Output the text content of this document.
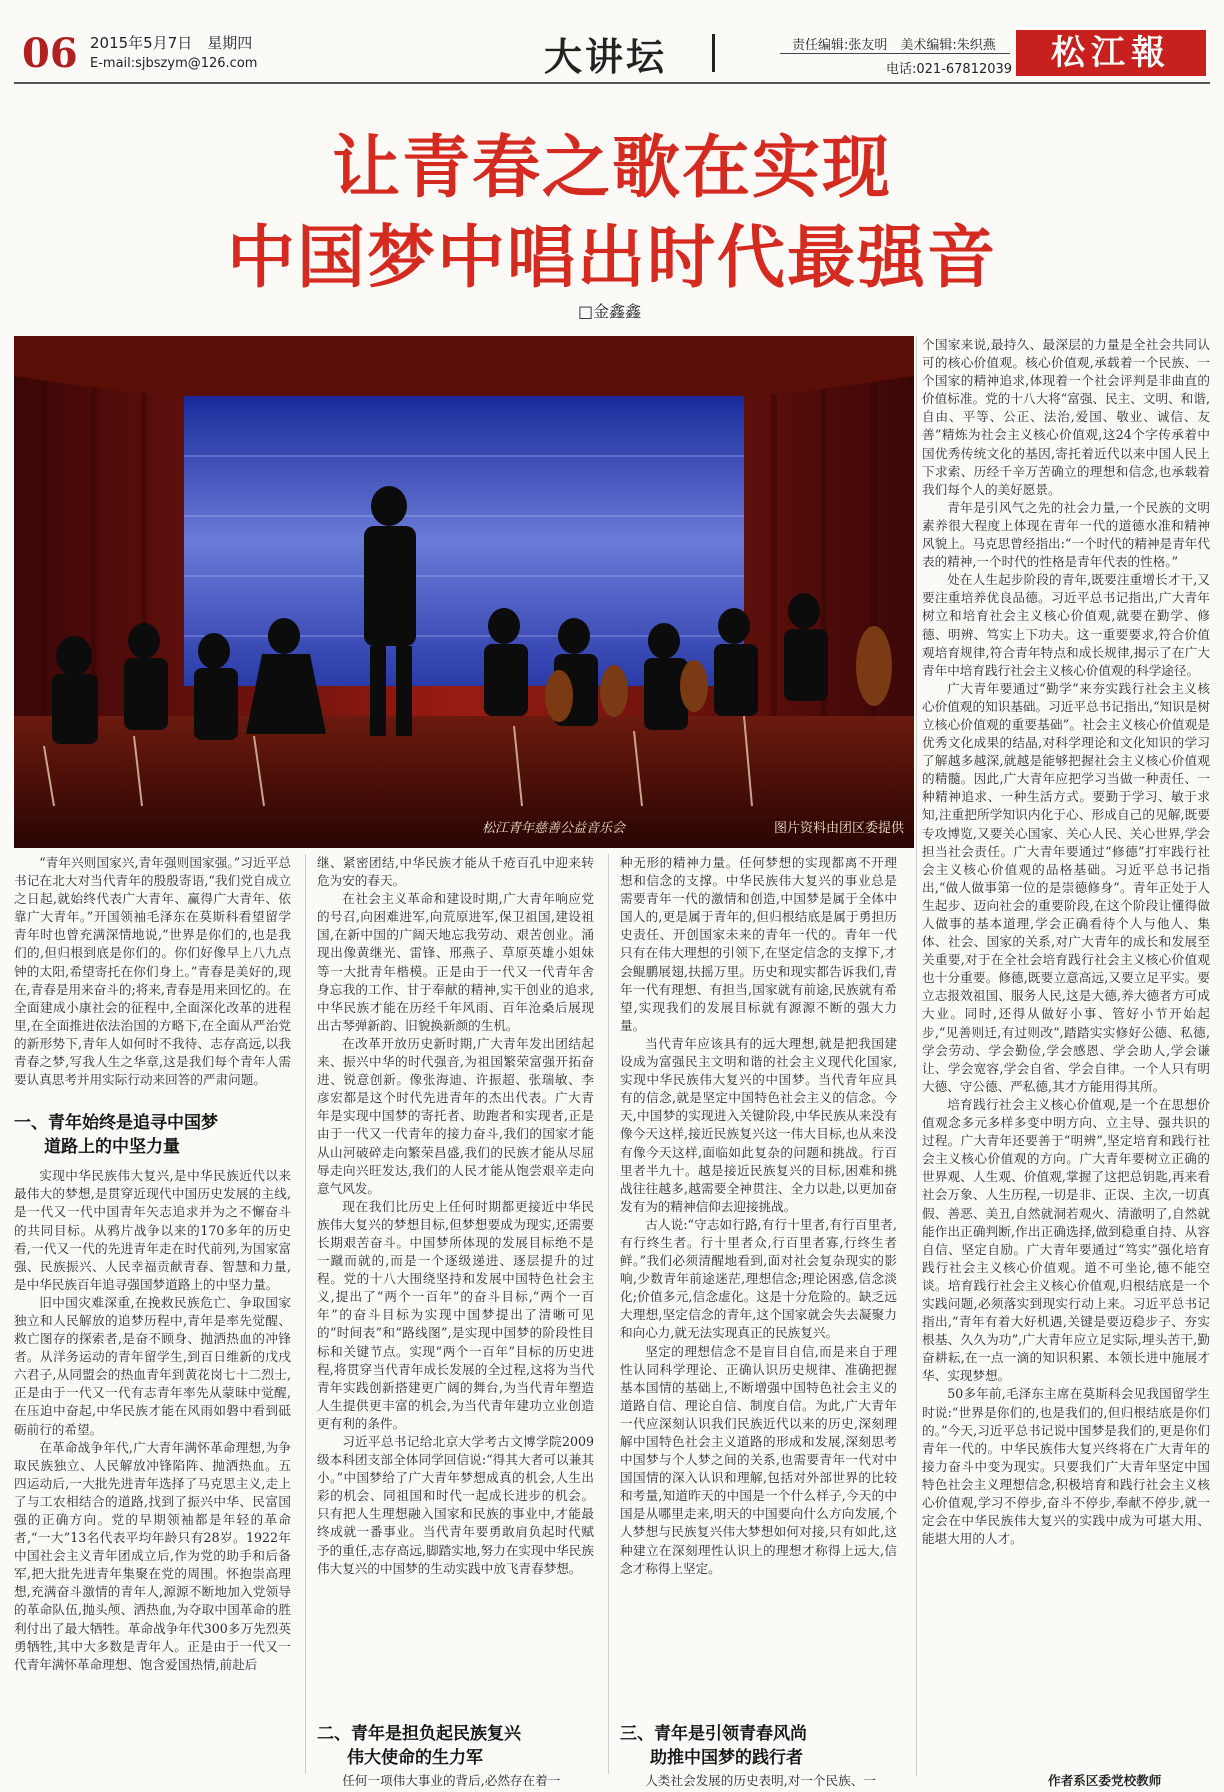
06 2015年5月7日　星期四
E-mail:sjbszym@126.com	大讲坛	责任编辑:张友明　美术编辑:朱织燕
电话:021-67812039	松江報
让青春之歌在实现
中国梦中唱出时代最强音
□金鑫鑫
松江青年慈善公益音乐会	图片资料由团区委提供

“青年兴则国家兴,青年强则国家强。”习近平总书记在北大对当代青年的殷殷寄语,“我们党自成立之日起,就始终代表广大青年、赢得广大青年、依靠广大青年。”开国领袖毛泽东在莫斯科看望留学青年时也曾充满深情地说,“世界是你们的,也是我们的,但归根到底是你们的。你们好像早上八九点钟的太阳,希望寄托在你们身上。”青春是美好的,现在,青春是用来奋斗的;将来,青春是用来回忆的。在全面建成小康社会的征程中,全面深化改革的进程里,在全面推进依法治国的方略下,在全面从严治党的新形势下,青年人如何时不我待、志存高远,以我青春之梦,写我人生之华章,这是我们每个青年人需要认真思考并用实际行动来回答的严肃问题。

一、青年始终是追寻中国梦
道路上的中坚力量

实现中华民族伟大复兴,是中华民族近代以来最伟大的梦想,是贯穿近现代中国历史发展的主线,是一代又一代中国青年矢志追求并为之不懈奋斗的共同目标。从鸦片战争以来的170多年的历史看,一代又一代的先进青年走在时代前列,为国家富强、民族振兴、人民幸福贡献青春、智慧和力量,是中华民族百年追寻强国梦道路上的中坚力量。

旧中国灾难深重,在挽救民族危亡、争取国家独立和人民解放的追梦历程中,青年是率先觉醒、救亡图存的探索者,是奋不顾身、抛洒热血的冲锋者。从洋务运动的青年留学生,到百日维新的戊戌六君子,从同盟会的热血青年到黄花岗七十二烈士,正是由于一代又一代有志青年率先从蒙昧中觉醒,在压迫中奋起,中华民族才能在风雨如磐中看到砥砺前行的希望。

在革命战争年代,广大青年满怀革命理想,为争取民族独立、人民解放冲锋陷阵、抛洒热血。五四运动后,一大批先进青年选择了马克思主义,走上了与工农相结合的道路,找到了振兴中华、民富国强的正确方向。党的早期领袖都是年轻的革命者,“一大”13名代表平均年龄只有28岁。1922年中国社会主义青年团成立后,作为党的助手和后备军,把大批先进青年集聚在党的周围。怀抱崇高理想,充满奋斗激情的青年人,源源不断地加入党领导的革命队伍,抛头颅、洒热血,为夺取中国革命的胜利付出了最大牺牲。革命战争年代300多万先烈英勇牺牲,其中大多数是青年人。正是由于一代又一代青年满怀革命理想、饱含爱国热情,前赴后

继、紧密团结,中华民族才能从千疮百孔中迎来转危为安的春天。

在社会主义革命和建设时期,广大青年响应党的号召,向困难进军,向荒原进军,保卫祖国,建设祖国,在新中国的广阔天地忘我劳动、艰苦创业。涌现出像黄继光、雷锋、邢燕子、草原英雄小姐妹等一大批青年楷模。正是由于一代又一代青年舍身忘我的工作、甘于奉献的精神,实干创业的追求,中华民族才能在历经千年风雨、百年沧桑后展现出古琴弹新韵、旧貌换新颜的生机。

在改革开放历史新时期,广大青年发出团结起来、振兴中华的时代强音,为祖国繁荣富强开拓奋进、锐意创新。像张海迪、许振超、张瑞敏、李彦宏都是这个时代先进青年的杰出代表。广大青年是实现中国梦的寄托者、助跑者和实现者,正是由于一代又一代青年的接力奋斗,我们的国家才能从山河破碎走向繁荣昌盛,我们的民族才能从尽屈辱走向兴旺发达,我们的人民才能从饱尝艰辛走向意气风发。

现在我们比历史上任何时期都更接近中华民族伟大复兴的梦想目标,但梦想要成为现实,还需要长期艰苦奋斗。中国梦所体现的发展目标绝不是一蹴而就的,而是一个逐级递进、逐层提升的过程。党的十八大围绕坚持和发展中国特色社会主义,提出了“两个一百年”的奋斗目标,“两个一百年”的奋斗目标为实现中国梦提出了清晰可见的“时间表”和“路线图”,是实现中国梦的阶段性目标和关键节点。实现“两个一百年”目标的历史进程,将贯穿当代青年成长发展的全过程,这将为当代青年实践创新搭建更广阔的舞台,为当代青年塑造人生提供更丰富的机会,为当代青年建功立业创造更有利的条件。

习近平总书记给北京大学考古文博学院2009级本科团支部全体同学回信说:“得其大者可以兼其小。”中国梦给了广大青年梦想成真的机会,人生出彩的机会、同祖国和时代一起成长进步的机会。只有把人生理想融入国家和民族的事业中,才能最终成就一番事业。当代青年要勇敢肩负起时代赋予的重任,志存高远,脚踏实地,努力在实现中华民族伟大复兴的中国梦的生动实践中放飞青春梦想。

二、青年是担负起民族复兴
伟大使命的生力军
任何一项伟大事业的背后,必然存在着一

种无形的精神力量。任何梦想的实现都离不开理想和信念的支撑。中华民族伟大复兴的事业总是需要青年一代的激情和创造,中国梦是属于全体中国人的,更是属于青年的,但归根结底是属于勇担历史责任、开创国家未来的青年一代的。青年一代只有在伟大理想的引领下,在坚定信念的支撑下,才会鲲鹏展翅,扶摇万里。历史和现实都告诉我们,青年一代有理想、有担当,国家就有前途,民族就有希望,实现我们的发展目标就有源源不断的强大力量。

当代青年应该具有的远大理想,就是把我国建设成为富强民主文明和谐的社会主义现代化国家,实现中华民族伟大复兴的中国梦。当代青年应具有的信念,就是坚定中国特色社会主义的信念。今天,中国梦的实现进入关键阶段,中华民族从来没有像今天这样,接近民族复兴这一伟大目标,也从来没有像今天这样,面临如此复杂的问题和挑战。行百里者半九十。越是接近民族复兴的目标,困难和挑战往往越多,越需要全神贯注、全力以赴,以更加奋发有为的精神信仰去迎接挑战。

古人说:“守志如行路,有行十里者,有行百里者,有行终生者。行十里者众,行百里者寡,行终生者鲜。”我们必须清醒地看到,面对社会复杂现实的影响,少数青年前途迷茫,理想信念;理论困惑,信念淡化;价值多元,信念虚化。这是十分危险的。缺乏远大理想,坚定信念的青年,这个国家就会失去凝聚力和向心力,就无法实现真正的民族复兴。

坚定的理想信念不是盲目自信,而是来自于理性认同科学理论、正确认识历史规律、准确把握基本国情的基础上,不断增强中国特色社会主义的道路自信、理论自信、制度自信。为此,广大青年一代应深刻认识我们民族近代以来的历史,深刻理解中国特色社会主义道路的形成和发展,深刻思考中国梦与个人梦之间的关系,也需要青年一代对中国国情的深入认识和理解,包括对外部世界的比较和考量,知道昨天的中国是一个什么样子,今天的中国是从哪里走来,明天的中国要向什么方向发展,个人梦想与民族复兴伟大梦想如何对接,只有如此,这种建立在深刻理性认识上的理想才称得上远大,信念才称得上坚定。

三、青年是引领青春风尚
助推中国梦的践行者
人类社会发展的历史表明,对一个民族、一

个国家来说,最持久、最深层的力量是全社会共同认可的核心价值观。核心价值观,承载着一个民族、一个国家的精神追求,体现着一个社会评判是非曲直的价值标准。党的十八大将“富强、民主、文明、和谐,自由、平等、公正、法治,爱国、敬业、诚信、友善”精炼为社会主义核心价值观,这24个字传承着中国优秀传统文化的基因,寄托着近代以来中国人民上下求索、历经千辛万苦确立的理想和信念,也承载着我们每个人的美好愿景。

青年是引风气之先的社会力量,一个民族的文明素养很大程度上体现在青年一代的道德水准和精神风貌上。马克思曾经指出:“一个时代的精神是青年代表的精神,一个时代的性格是青年代表的性格。”

处在人生起步阶段的青年,既要注重增长才干,又要注重培养优良品德。习近平总书记指出,广大青年树立和培育社会主义核心价值观,就要在勤学、修德、明辨、笃实上下功夫。这一重要要求,符合价值观培育规律,符合青年特点和成长规律,揭示了在广大青年中培育践行社会主义核心价值观的科学途径。

广大青年要通过“勤学”来夯实践行社会主义核心价值观的知识基础。习近平总书记指出,“知识是树立核心价值观的重要基础”。社会主义核心价值观是优秀文化成果的结晶,对科学理论和文化知识的学习了解越多越深,就越是能够把握社会主义核心价值观的精髓。因此,广大青年应把学习当做一种责任、一种精神追求、一种生活方式。要勤于学习、敏于求知,注重把所学知识内化于心、形成自己的见解,既要专攻博览,又要关心国家、关心人民、关心世界,学会担当社会责任。广大青年要通过“修德”打牢践行社会主义核心价值观的品格基础。习近平总书记指出,“做人做事第一位的是崇德修身”。青年正处于人生起步、迈向社会的重要阶段,在这个阶段让懂得做人做事的基本道理,学会正确看待个人与他人、集体、社会、国家的关系,对广大青年的成长和发展至关重要,对于在全社会培育践行社会主义核心价值观也十分重要。修德,既要立意高远,又要立足平实。要立志报效祖国、服务人民,这是大德,养大德者方可成大业。同时,还得从做好小事、管好小节开始起步,“见善则迁,有过则改”,踏踏实实修好公德、私德,学会劳动、学会勤俭,学会感恩、学会助人,学会谦让、学会宽容,学会自省、学会自律。一个人只有明大德、守公德、严私德,其才方能用得其所。

培育践行社会主义核心价值观,是一个在思想价值观念多元多样多变中明方向、立主导、强共识的过程。广大青年还要善于“明辨”,坚定培育和践行社会主义核心价值观的方向。广大青年要树立正确的世界观、人生观、价值观,掌握了这把总钥匙,再来看社会万象、人生历程,一切是非、正误、主次,一切真假、善恶、美丑,自然就洞若观火、清澈明了,自然就能作出正确判断,作出正确选择,做到稳重自持、从容自信、坚定自励。广大青年要通过“笃实”强化培育践行社会主义核心价值观。道不可坐论,德不能空谈。培育践行社会主义核心价值观,归根结底是一个实践问题,必须落实到现实行动上来。习近平总书记指出,“青年有着大好机遇,关键是要迈稳步子、夯实根基、久久为功”,广大青年应立足实际,埋头苦干,勤奋耕耘,在一点一滴的知识积累、本领长进中施展才华、实现梦想。

50多年前,毛泽东主席在莫斯科会见我国留学生时说:“世界是你们的,也是我们的,但归根结底是你们的。”今天,习近平总书记说中国梦是我们的,更是你们青年一代的。中华民族伟大复兴终将在广大青年的接力奋斗中变为现实。只要我们广大青年坚定中国特色社会主义理想信念,积极培育和践行社会主义核心价值观,学习不停步,奋斗不停步,奉献不停步,就一定会在中华民族伟大复兴的实践中成为可堪大用、能堪大用的人才。

作者系区委党校教师
